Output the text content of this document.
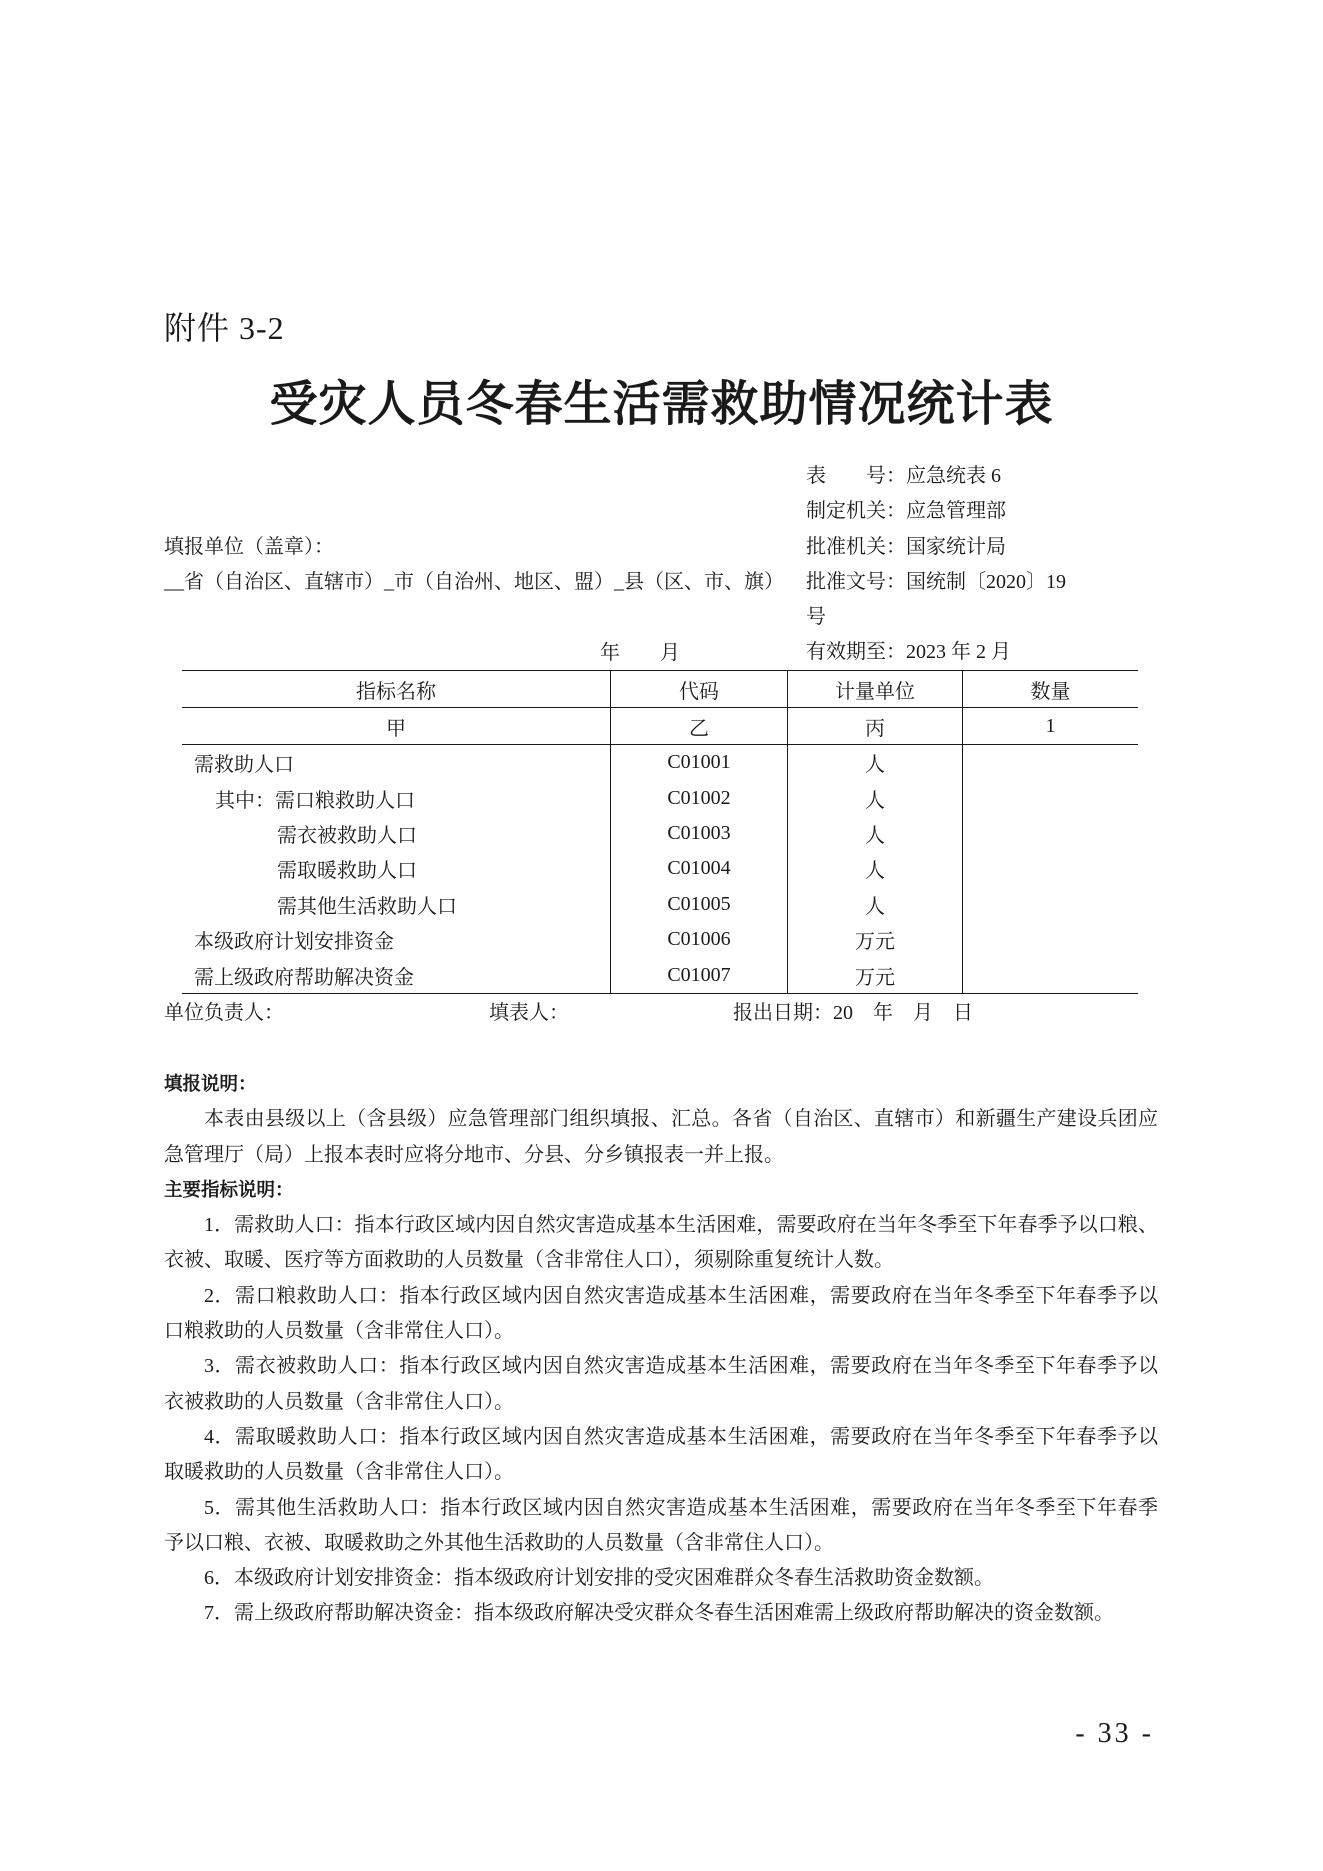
附件 3-2
受灾人员冬春生活需救助情况统计表
表　　号：应急统表 6
制定机关：应急管理部
批准机关：国家统计局
批准文号：国统制〔2020〕19
号
有效期至：2023 年 2 月
填报单位（盖章）：
__省（自治区、直辖市）_市（自治州、地区、盟）_县（区、市、旗）
年　　月
指标名称	代码	计量单位	数量
甲	乙	丙	1
需救助人口	C01001	人
其中：需口粮救助人口	C01002	人
需衣被救助人口	C01003	人
需取暖救助人口	C01004	人
需其他生活救助人口	C01005	人
本级政府计划安排资金	C01006	万元
需上级政府帮助解决资金	C01007	万元
单位负责人：	填表人：	报出日期：20　年　月　日
填报说明：
本表由县级以上（含县级）应急管理部门组织填报、汇总。各省（自治区、直辖市）和新疆生产建设兵团应
急管理厅（局）上报本表时应将分地市、分县、分乡镇报表一并上报。
主要指标说明：
1．需救助人口：指本行政区域内因自然灾害造成基本生活困难，需要政府在当年冬季至下年春季予以口粮、
衣被、取暖、医疗等方面救助的人员数量（含非常住人口），须剔除重复统计人数。
2．需口粮救助人口：指本行政区域内因自然灾害造成基本生活困难，需要政府在当年冬季至下年春季予以
口粮救助的人员数量（含非常住人口）。
3．需衣被救助人口：指本行政区域内因自然灾害造成基本生活困难，需要政府在当年冬季至下年春季予以
衣被救助的人员数量（含非常住人口）。
4．需取暖救助人口：指本行政区域内因自然灾害造成基本生活困难，需要政府在当年冬季至下年春季予以
取暖救助的人员数量（含非常住人口）。
5．需其他生活救助人口：指本行政区域内因自然灾害造成基本生活困难，需要政府在当年冬季至下年春季
予以口粮、衣被、取暖救助之外其他生活救助的人员数量（含非常住人口）。
6．本级政府计划安排资金：指本级政府计划安排的受灾困难群众冬春生活救助资金数额。
7．需上级政府帮助解决资金：指本级政府解决受灾群众冬春生活困难需上级政府帮助解决的资金数额。
- 33 -
